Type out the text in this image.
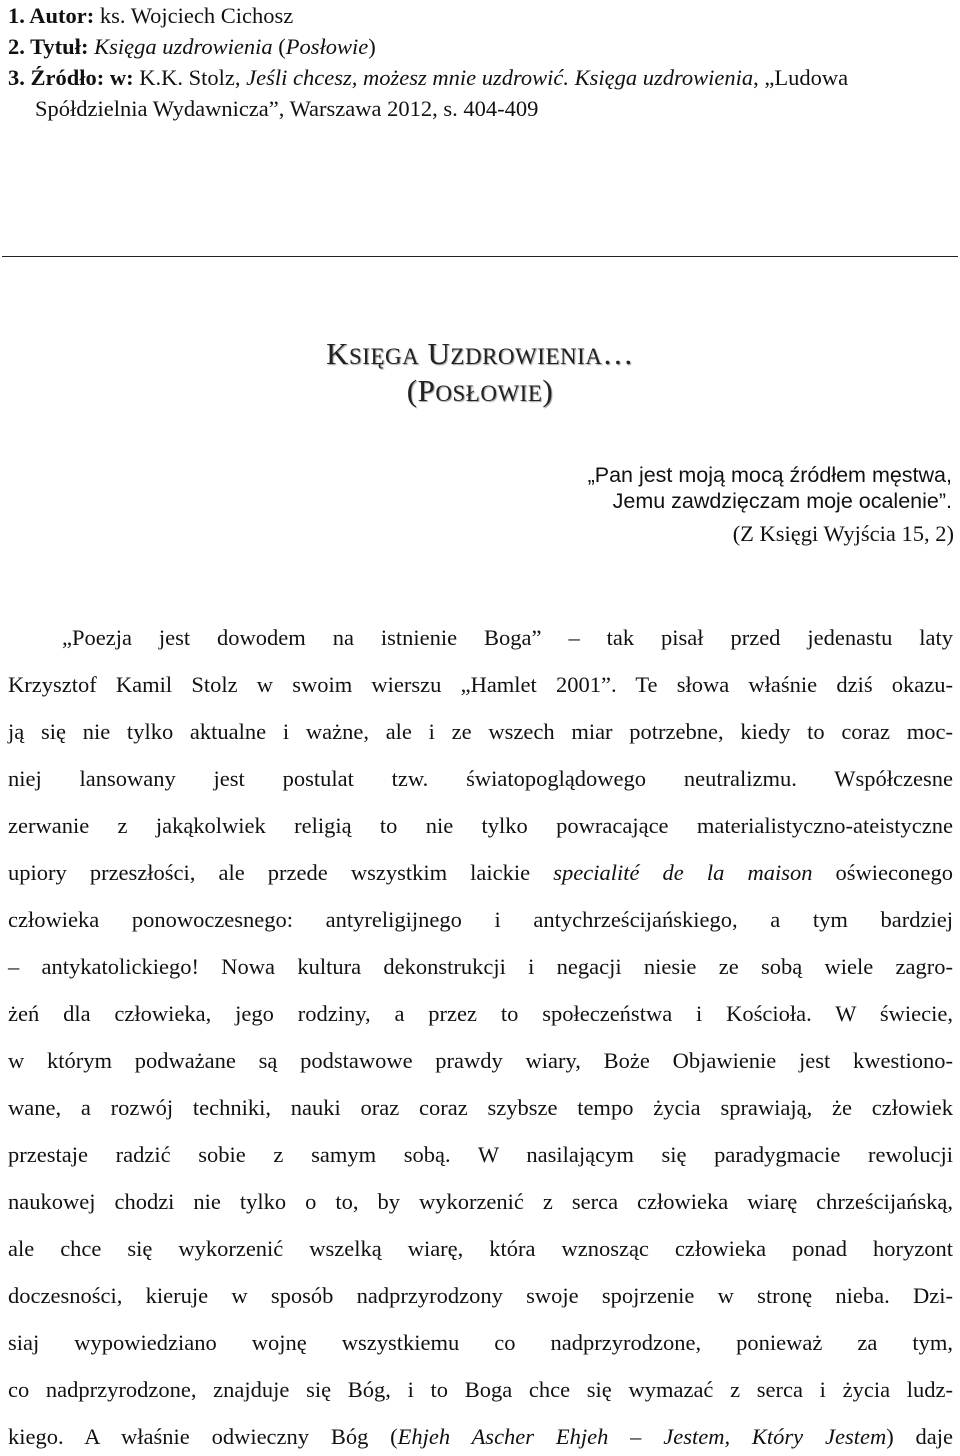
1. Autor: ks. Wojciech Cichosz
2. Tytuł: Księga uzdrowienia (Posłowie)
3. Źródło: w: K.K. Stolz, Jeśli chcesz, możesz mnie uzdrowić. Księga uzdrowienia, „Ludowa
Spółdzielnia Wydawnicza”, Warszawa 2012, s. 404-409
KSIĘGA UZDROWIENIA…
(POSŁOWIE)
„Pan jest moją mocą źródłem męstwa,
Jemu zawdzięczam moje ocalenie”.
(Z Księgi Wyjścia 15, 2)
„Poezja jest dowodem na istnienie Boga” – tak pisał przed jedenastu laty
Krzysztof Kamil Stolz w swoim wierszu „Hamlet 2001”. Te słowa właśnie dziś okazu-
ją się nie tylko aktualne i ważne, ale i ze wszech miar potrzebne, kiedy to coraz moc-
niej lansowany jest postulat tzw. światopoglądowego neutralizmu. Współczesne
zerwanie z jakąkolwiek religią to nie tylko powracające materialistyczno-ateistyczne
upiory przeszłości, ale przede wszystkim laickie specialité de la maison oświeconego
człowieka ponowoczesnego: antyreligijnego i antychrześcijańskiego, a tym bardziej
– antykatolickiego! Nowa kultura dekonstrukcji i negacji niesie ze sobą wiele zagro-
żeń dla człowieka, jego rodziny, a przez to społeczeństwa i Kościoła. W świecie,
w którym podważane są podstawowe prawdy wiary, Boże Objawienie jest kwestiono-
wane, a rozwój techniki, nauki oraz coraz szybsze tempo życia sprawiają, że człowiek
przestaje radzić sobie z samym sobą. W nasilającym się paradygmacie rewolucji
naukowej chodzi nie tylko o to, by wykorzenić z serca człowieka wiarę chrześcijańską,
ale chce się wykorzenić wszelką wiarę, która wznosząc człowieka ponad horyzont
doczesności, kieruje w sposób nadprzyrodzony swoje spojrzenie w stronę nieba. Dzi-
siaj wypowiedziano wojnę wszystkiemu co nadprzyrodzone, ponieważ za tym,
co nadprzyrodzone, znajduje się Bóg, i to Boga chce się wymazać z serca i życia ludz-
kiego. A właśnie odwieczny Bóg (Ehjeh Ascher Ehjeh – Jestem, Który Jestem) daje
